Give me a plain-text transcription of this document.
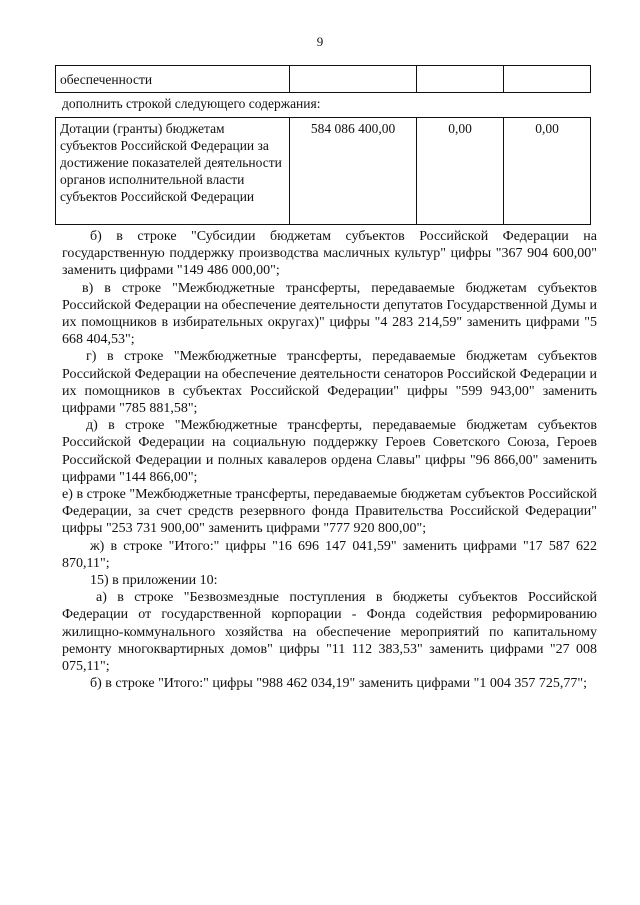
9
обеспеченности			
дополнить строкой следующего содержания:
Дотации (гранты) бюджетам субъектов Российской Федерации за достижение показателей деятельности органов исполнительной власти субъектов Российской Федерации	584 086 400,00	0,00	0,00

б) в строке "Субсидии бюджетам субъектов Российской Федерации на государственную поддержку производства масличных культур" цифры "367 904 600,00" заменить цифрами "149 486 000,00";

в) в строке "Межбюджетные трансферты, передаваемые бюджетам субъектов Российской Федерации на обеспечение деятельности депутатов Государственной Думы и их помощников в избирательных округах)" цифры "4 283 214,59" заменить цифрами "5 668 404,53";

г) в строке "Межбюджетные трансферты, передаваемые бюджетам субъектов Российской Федерации на обеспечение деятельности сенаторов Российской Федерации и их помощников в субъектах Российской Федерации" цифры "599 943,00" заменить цифрами "785 881,58";

д) в строке "Межбюджетные трансферты, передаваемые бюджетам субъектов Российской Федерации на социальную поддержку Героев Советского Союза, Героев Российской Федерации и полных кавалеров ордена Славы" цифры "96 866,00" заменить цифрами "144 866,00";

е) в строке "Межбюджетные трансферты, передаваемые бюджетам субъектов Российской Федерации, за счет средств резервного фонда Правительства Российской Федерации" цифры "253 731 900,00" заменить цифрами "777 920 800,00";

ж) в строке "Итого:" цифры "16 696 147 041,59" заменить цифрами "17 587 622 870,11";

15) в приложении 10:

а) в строке "Безвозмездные поступления в бюджеты субъектов Российской Федерации от государственной корпорации - Фонда содействия реформированию жилищно-коммунального хозяйства на обеспечение мероприятий по капитальному ремонту многоквартирных домов" цифры "11 112 383,53" заменить цифрами "27 008 075,11";

б) в строке "Итого:" цифры "988 462 034,19" заменить цифрами "1 004 357 725,77";
